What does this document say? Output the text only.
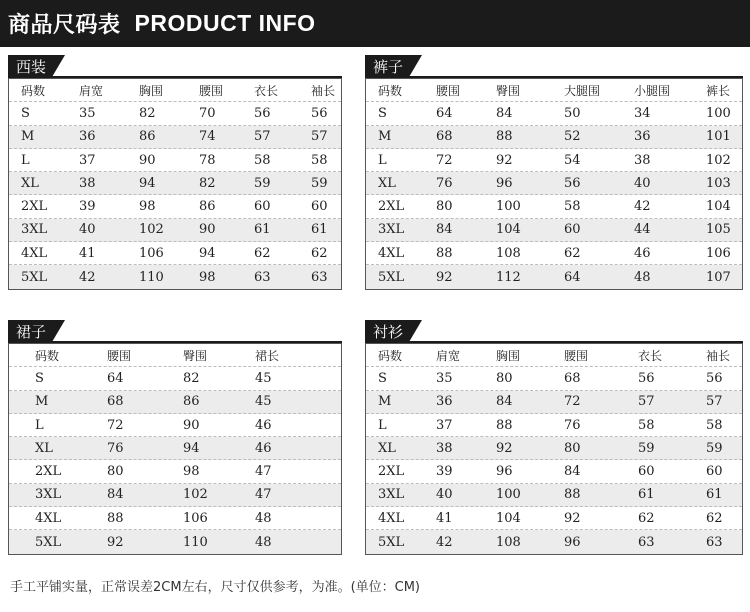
商品尺码表 PRODUCT INFO
西装
码数	肩宽	胸围	腰围	衣长	袖长
S	35	82	70	56	56
M	36	86	74	57	57
L	37	90	78	58	58
XL	38	94	82	59	59
2XL 39	98	86	60	60
3XL 40	102	90	61	61
4XL 41	106	94	62	62
5XL 42	110	98	63	63
裤子
码数	腰围	臀围	大腿围	小腿围	裤长
S	64	84	50	34	100
M	68	88	52	36	101
L	72	92	54	38	102
XL	76	96	56	40	103
2XL 80	100	58	42	104
3XL 84	104	60	44	105
4XL 88	108	62	46	106
5XL 92	112	64	48	107
裙子
码数	腰围	臀围	裙长
S	64	82	45
M	68	86	45
L	72	90	46
XL	76	94	46
2XL	80	98	47
3XL	84	102	47
4XL	88	106	48
5XL	92	110	48
衬衫
码数	肩宽	胸围	腰围	衣长	袖长
S	35	80	68	56	56
M	36	84	72	57	57
L	37	88	76	58	58
XL	38	92	80	59	59
2XL 39	96	84	60	60
3XL 40	100	88	61	61
4XL 41	104	92	62	62
5XL 42	108	96	63	63
手工平铺实量，正常误差2CM左右，尺寸仅供参考，为准。(单位：CM)
